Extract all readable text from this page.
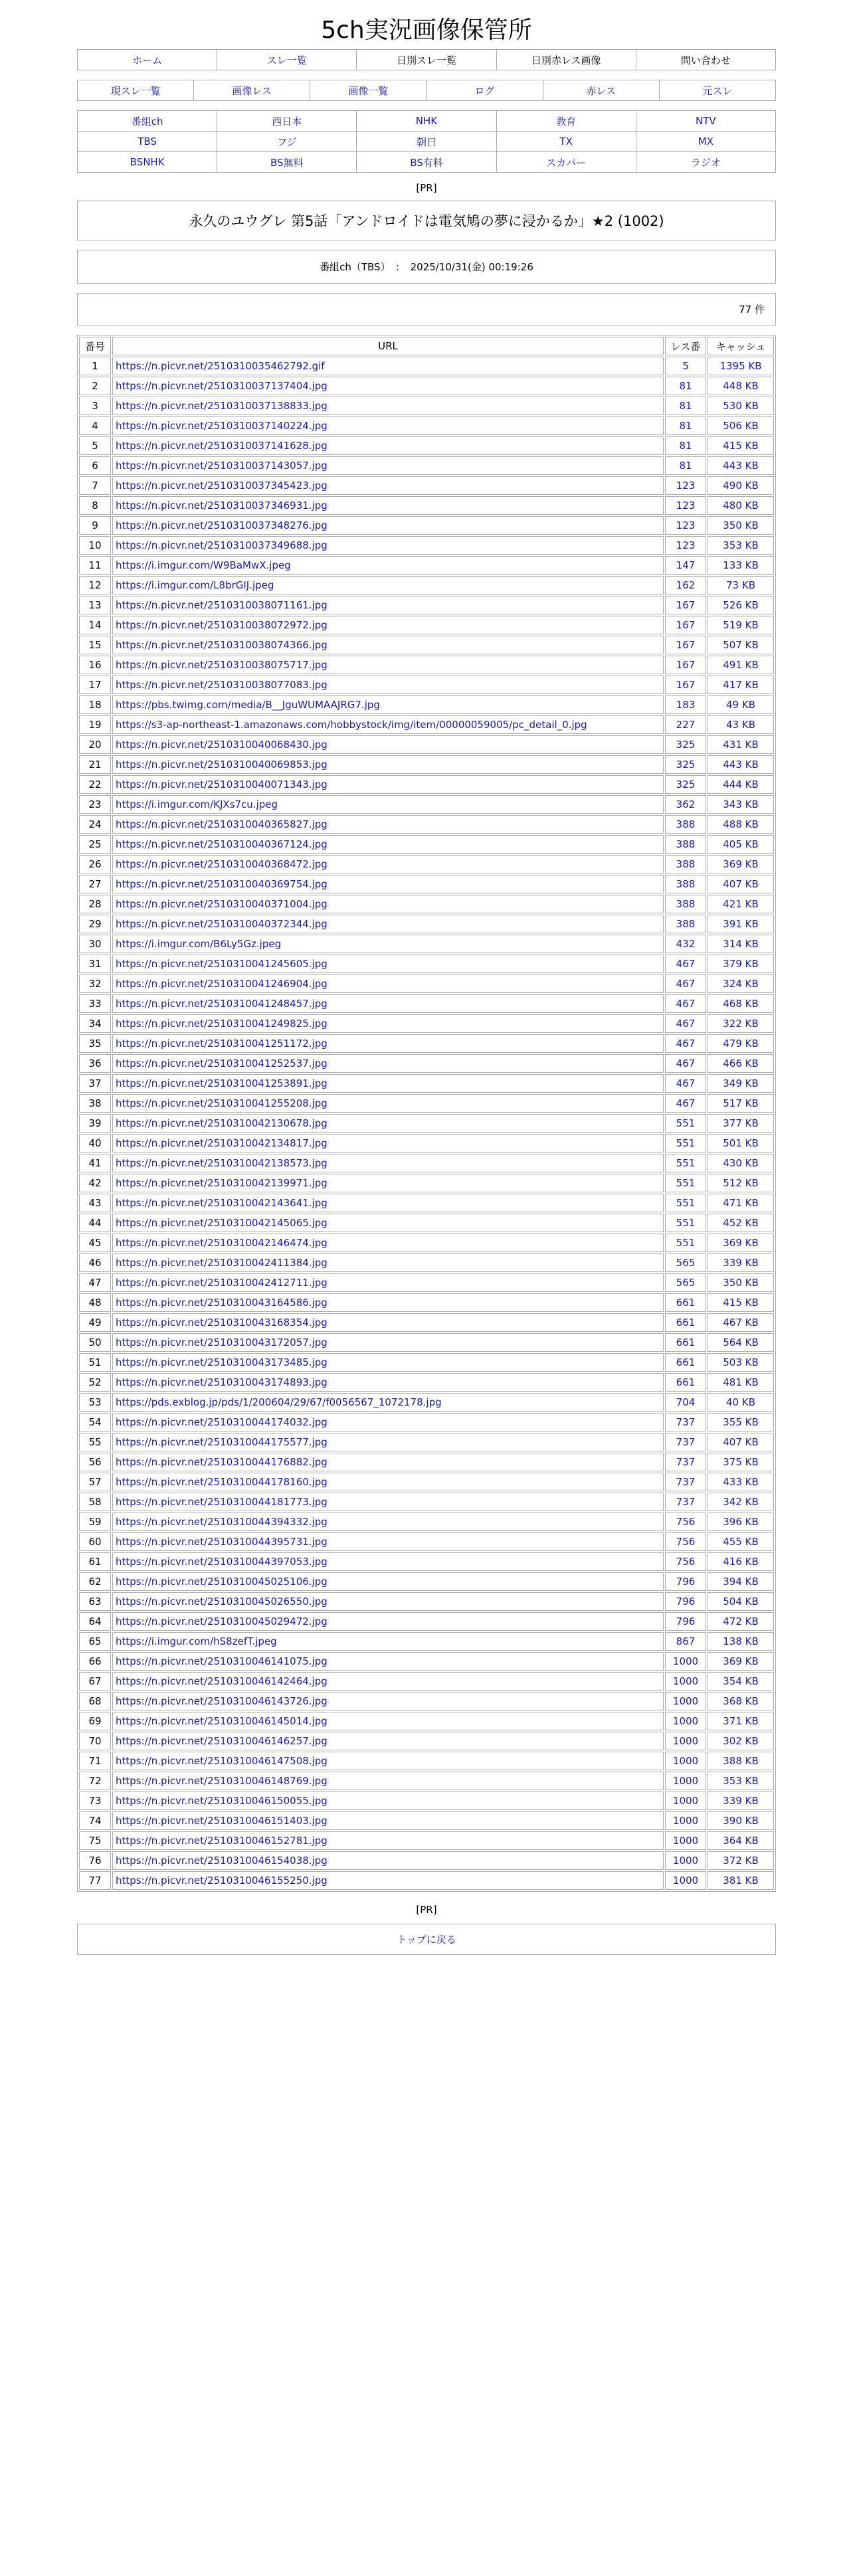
5ch実況画像保管所
ホーム	スレ一覧	日別スレ一覧	日別赤レス画像	問い合わせ
現スレ一覧	画像レス	画像一覧	ログ	赤レス	元スレ
番組ch	西日本	NHK	教育	NTV
TBS	フジ	朝日	TX	MX
BSNHK	BS無料	BS有料	スカパー	ラジオ
[PR]
永久のユウグレ 第5話「アンドロイドは電気鳩の夢に浸かるか」★2 (1002)
番組ch（TBS）　：　2025/10/31(金) 00:19:26
77 件
番号	URL	レス番	キャッシュ
1	https://n.picvr.net/2510310035462792.gif	5	1395 KB
2	https://n.picvr.net/2510310037137404.jpg	81	448 KB
3	https://n.picvr.net/2510310037138833.jpg	81	530 KB
4	https://n.picvr.net/2510310037140224.jpg	81	506 KB
5	https://n.picvr.net/2510310037141628.jpg	81	415 KB
6	https://n.picvr.net/2510310037143057.jpg	81	443 KB
7	https://n.picvr.net/2510310037345423.jpg	123	490 KB
8	https://n.picvr.net/2510310037346931.jpg	123	480 KB
9	https://n.picvr.net/2510310037348276.jpg	123	350 KB
10	https://n.picvr.net/2510310037349688.jpg	123	353 KB
11	https://i.imgur.com/W9BaMwX.jpeg	147	133 KB
12	https://i.imgur.com/L8brGIJ.jpeg	162	73 KB
13	https://n.picvr.net/2510310038071161.jpg	167	526 KB
14	https://n.picvr.net/2510310038072972.jpg	167	519 KB
15	https://n.picvr.net/2510310038074366.jpg	167	507 KB
16	https://n.picvr.net/2510310038075717.jpg	167	491 KB
17	https://n.picvr.net/2510310038077083.jpg	167	417 KB
18	https://pbs.twimg.com/media/B__JguWUMAAJRG7.jpg	183	49 KB
19	https://s3-ap-northeast-1.amazonaws.com/hobbystock/img/item/00000059005/pc_detail_0.jpg	227	43 KB
20	https://n.picvr.net/2510310040068430.jpg	325	431 KB
21	https://n.picvr.net/2510310040069853.jpg	325	443 KB
22	https://n.picvr.net/2510310040071343.jpg	325	444 KB
23	https://i.imgur.com/KJXs7cu.jpeg	362	343 KB
24	https://n.picvr.net/2510310040365827.jpg	388	488 KB
25	https://n.picvr.net/2510310040367124.jpg	388	405 KB
26	https://n.picvr.net/2510310040368472.jpg	388	369 KB
27	https://n.picvr.net/2510310040369754.jpg	388	407 KB
28	https://n.picvr.net/2510310040371004.jpg	388	421 KB
29	https://n.picvr.net/2510310040372344.jpg	388	391 KB
30	https://i.imgur.com/B6Ly5Gz.jpeg	432	314 KB
31	https://n.picvr.net/2510310041245605.jpg	467	379 KB
32	https://n.picvr.net/2510310041246904.jpg	467	324 KB
33	https://n.picvr.net/2510310041248457.jpg	467	468 KB
34	https://n.picvr.net/2510310041249825.jpg	467	322 KB
35	https://n.picvr.net/2510310041251172.jpg	467	479 KB
36	https://n.picvr.net/2510310041252537.jpg	467	466 KB
37	https://n.picvr.net/2510310041253891.jpg	467	349 KB
38	https://n.picvr.net/2510310041255208.jpg	467	517 KB
39	https://n.picvr.net/2510310042130678.jpg	551	377 KB
40	https://n.picvr.net/2510310042134817.jpg	551	501 KB
41	https://n.picvr.net/2510310042138573.jpg	551	430 KB
42	https://n.picvr.net/2510310042139971.jpg	551	512 KB
43	https://n.picvr.net/2510310042143641.jpg	551	471 KB
44	https://n.picvr.net/2510310042145065.jpg	551	452 KB
45	https://n.picvr.net/2510310042146474.jpg	551	369 KB
46	https://n.picvr.net/2510310042411384.jpg	565	339 KB
47	https://n.picvr.net/2510310042412711.jpg	565	350 KB
48	https://n.picvr.net/2510310043164586.jpg	661	415 KB
49	https://n.picvr.net/2510310043168354.jpg	661	467 KB
50	https://n.picvr.net/2510310043172057.jpg	661	564 KB
51	https://n.picvr.net/2510310043173485.jpg	661	503 KB
52	https://n.picvr.net/2510310043174893.jpg	661	481 KB
53	https://pds.exblog.jp/pds/1/200604/29/67/f0056567_1072178.jpg	704	40 KB
54	https://n.picvr.net/2510310044174032.jpg	737	355 KB
55	https://n.picvr.net/2510310044175577.jpg	737	407 KB
56	https://n.picvr.net/2510310044176882.jpg	737	375 KB
57	https://n.picvr.net/2510310044178160.jpg	737	433 KB
58	https://n.picvr.net/2510310044181773.jpg	737	342 KB
59	https://n.picvr.net/2510310044394332.jpg	756	396 KB
60	https://n.picvr.net/2510310044395731.jpg	756	455 KB
61	https://n.picvr.net/2510310044397053.jpg	756	416 KB
62	https://n.picvr.net/2510310045025106.jpg	796	394 KB
63	https://n.picvr.net/2510310045026550.jpg	796	504 KB
64	https://n.picvr.net/2510310045029472.jpg	796	472 KB
65	https://i.imgur.com/hS8zefT.jpeg	867	138 KB
66	https://n.picvr.net/2510310046141075.jpg	1000	369 KB
67	https://n.picvr.net/2510310046142464.jpg	1000	354 KB
68	https://n.picvr.net/2510310046143726.jpg	1000	368 KB
69	https://n.picvr.net/2510310046145014.jpg	1000	371 KB
70	https://n.picvr.net/2510310046146257.jpg	1000	302 KB
71	https://n.picvr.net/2510310046147508.jpg	1000	388 KB
72	https://n.picvr.net/2510310046148769.jpg	1000	353 KB
73	https://n.picvr.net/2510310046150055.jpg	1000	339 KB
74	https://n.picvr.net/2510310046151403.jpg	1000	390 KB
75	https://n.picvr.net/2510310046152781.jpg	1000	364 KB
76	https://n.picvr.net/2510310046154038.jpg	1000	372 KB
77	https://n.picvr.net/2510310046155250.jpg	1000	381 KB
[PR]
トップに戻る
